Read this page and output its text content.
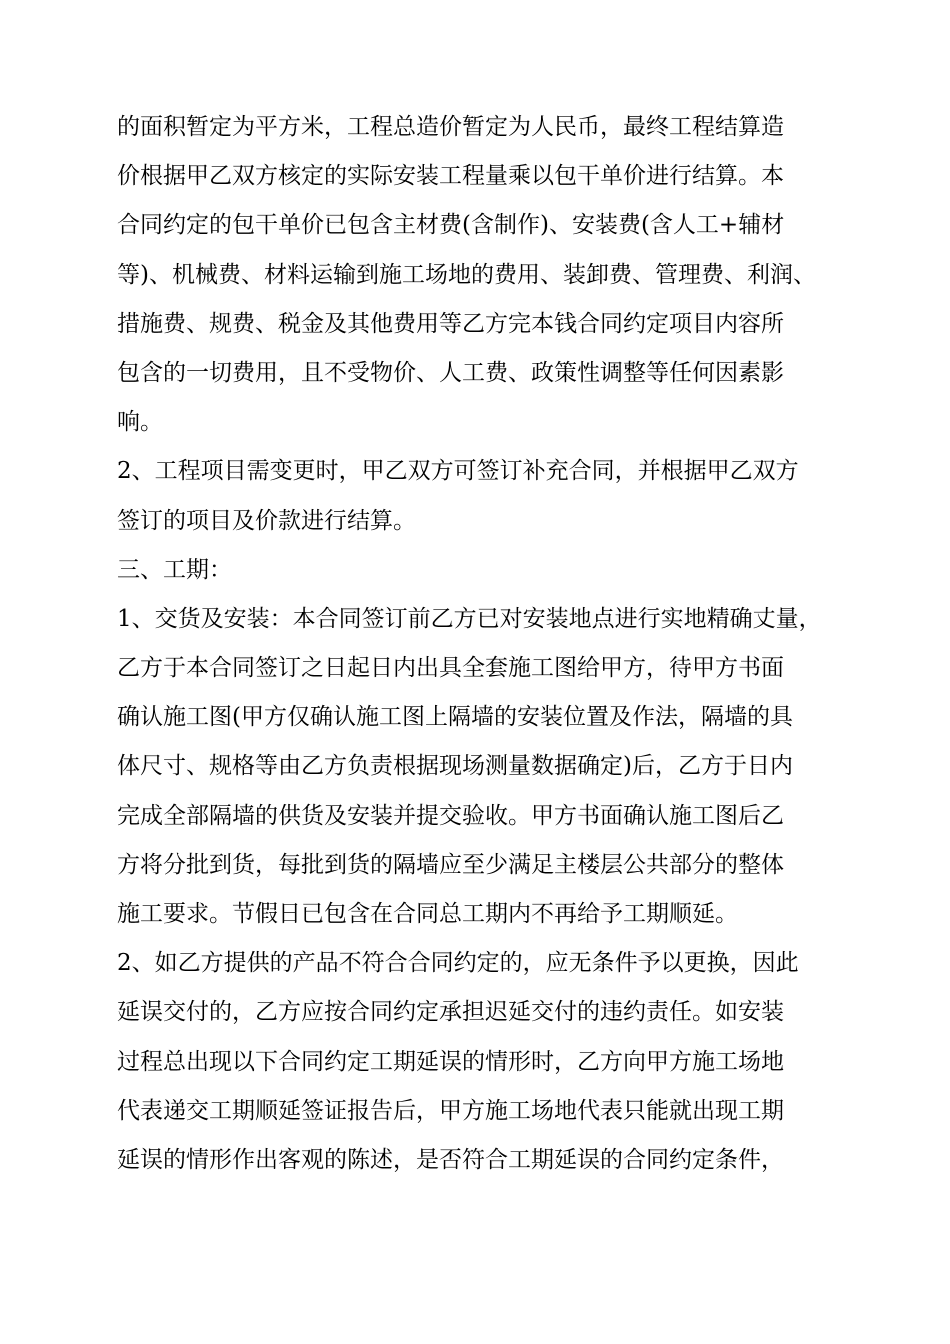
的面积暂定为平方米，工程总造价暂定为人民币，最终工程结算造
价根据甲乙双方核定的实际安装工程量乘以包干单价进行结算。本
合同约定的包干单价已包含主材费(含制作)、安装费(含人工+辅材
等)、机械费、材料运输到施工场地的费用、装卸费、管理费、利润、
措施费、规费、税金及其他费用等乙方完本钱合同约定项目内容所
包含的一切费用，且不受物价、人工费、政策性调整等任何因素影
响。
2、工程项目需变更时，甲乙双方可签订补充合同，并根据甲乙双方
签订的项目及价款进行结算。
三、工期：
1、交货及安装：本合同签订前乙方已对安装地点进行实地精确丈量，
乙方于本合同签订之日起日内出具全套施工图给甲方，待甲方书面
确认施工图(甲方仅确认施工图上隔墙的安装位置及作法，隔墙的具
体尺寸、规格等由乙方负责根据现场测量数据确定)后，乙方于日内
完成全部隔墙的供货及安装并提交验收。甲方书面确认施工图后乙
方将分批到货，每批到货的隔墙应至少满足主楼层公共部分的整体
施工要求。节假日已包含在合同总工期内不再给予工期顺延。
2、如乙方提供的产品不符合合同约定的，应无条件予以更换，因此
延误交付的，乙方应按合同约定承担迟延交付的违约责任。如安装
过程总出现以下合同约定工期延误的情形时，乙方向甲方施工场地
代表递交工期顺延签证报告后，甲方施工场地代表只能就出现工期
延误的情形作出客观的陈述，是否符合工期延误的合同约定条件，
